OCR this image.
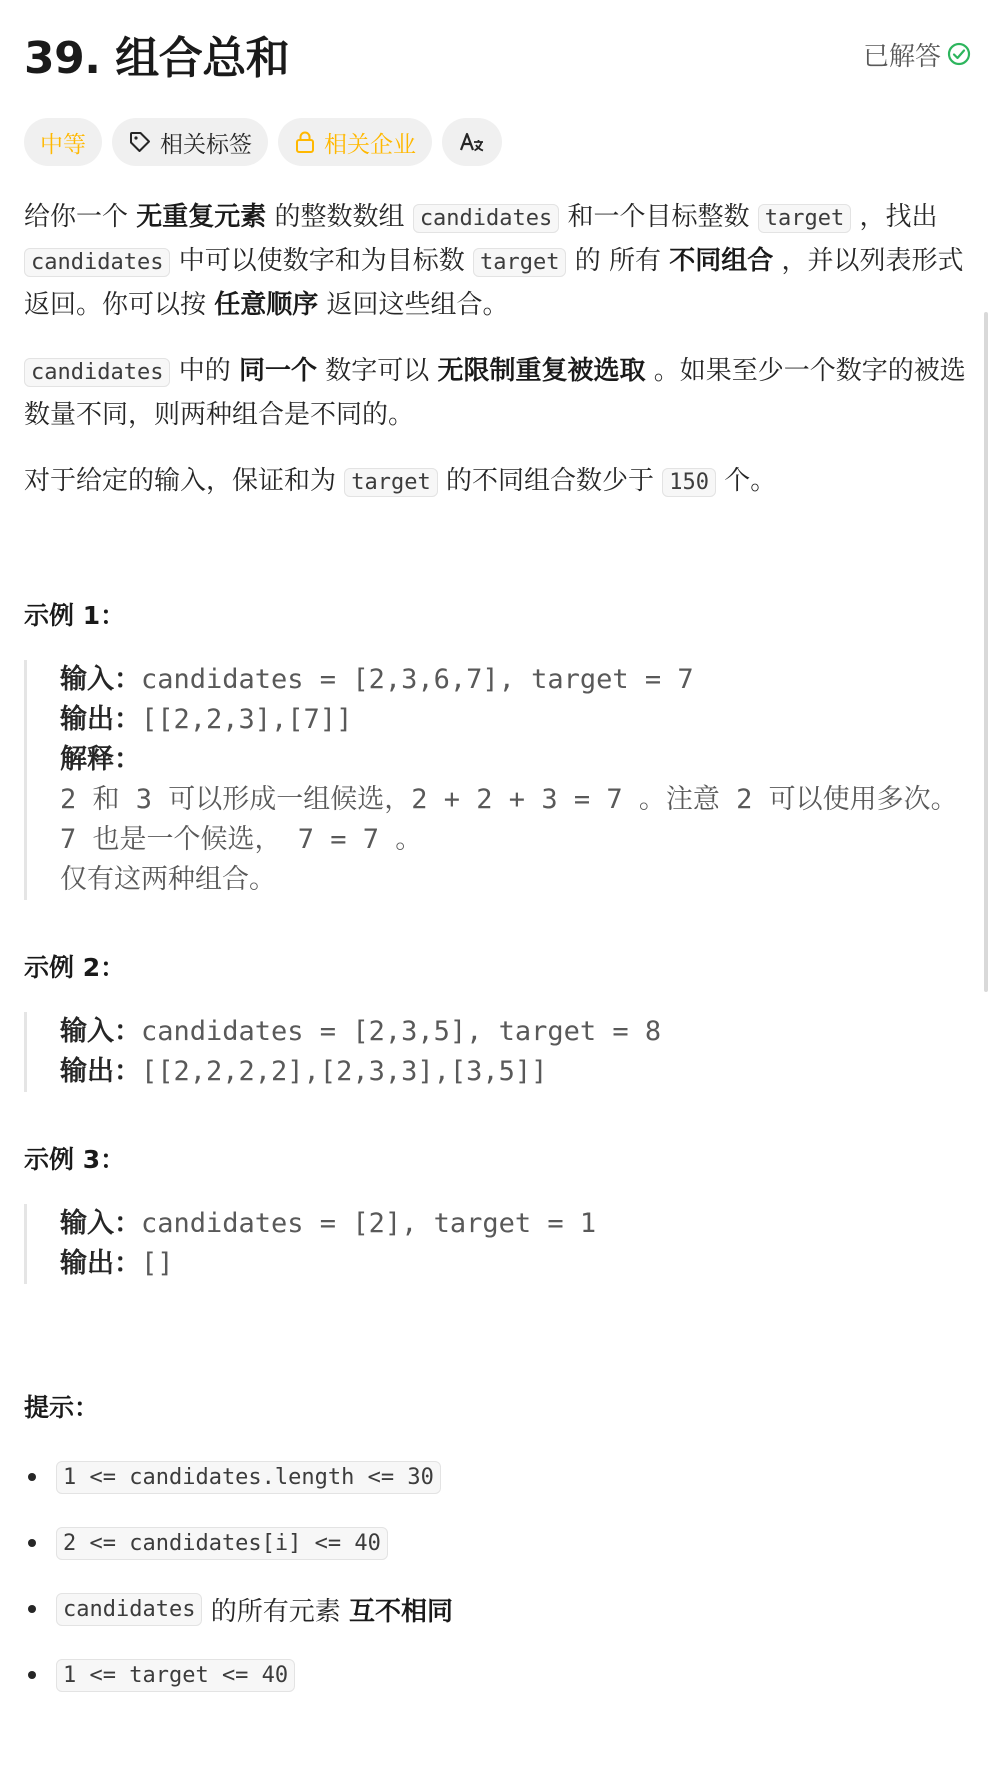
39. 组合总和	已解答
中等	相关标签	相关企业

给你一个 无重复元素 的整数数组 candidates 和一个目标整数 target ，找出 candidates 中可以使数字和为目标数 target 的 所有 不同组合 ，并以列表形式返回。你可以按 任意顺序 返回这些组合。

candidates 中的 同一个 数字可以 无限制重复被选取 。如果至少一个数字的被选数量不同，则两种组合是不同的。

对于给定的输入，保证和为 target 的不同组合数少于 150 个。

示例 1：
输入：candidates = [2,3,6,7], target = 7
输出：[[2,2,3],[7]]
解释：
2 和 3 可以形成一组候选，2 + 2 + 3 = 7 。注意 2 可以使用多次。
7 也是一个候选， 7 = 7 。
仅有这两种组合。
示例 2：
输入：candidates = [2,3,5], target = 8
输出：[[2,2,2,2],[2,3,3],[3,5]]
示例 3：
输入：candidates = [2], target = 1
输出：[]
提示：
1 <= candidates.length <= 30
2 <= candidates[i] <= 40
candidates 的所有元素 互不相同
1 <= target <= 40
